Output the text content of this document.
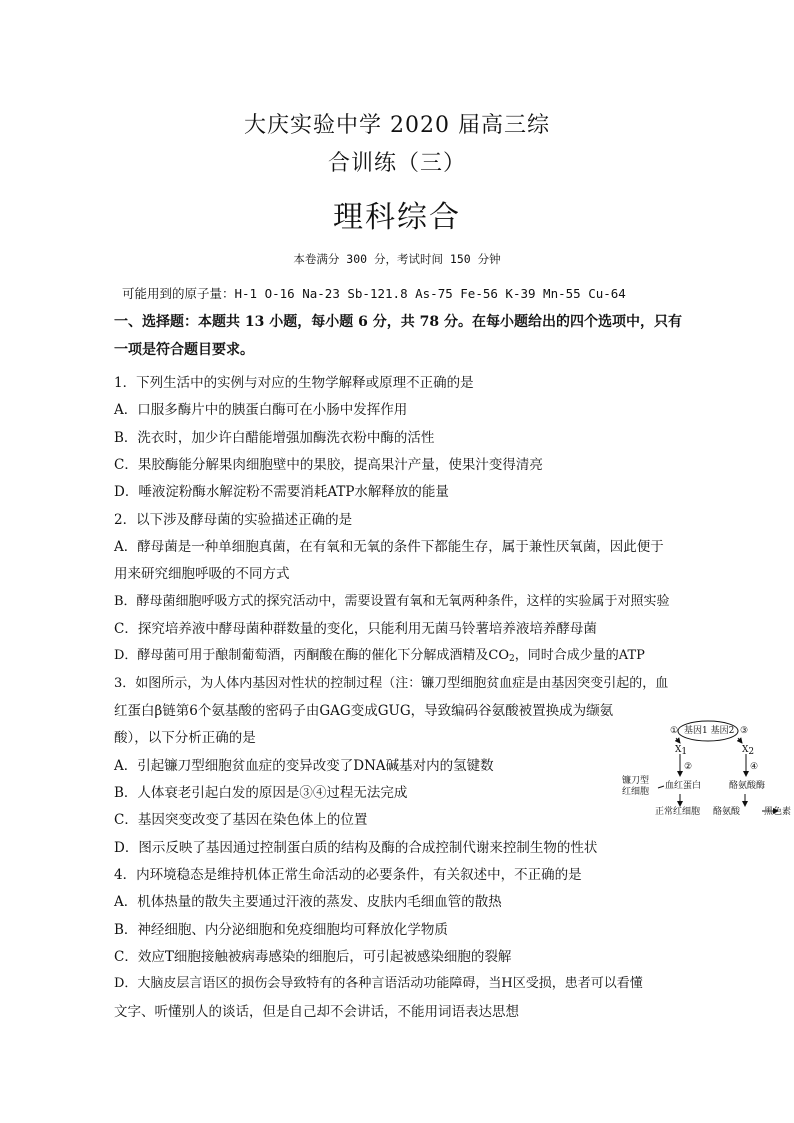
大庆实验中学 2020 届高三综
合训练（三）
理科综合
本卷满分 300 分，考试时间 150 分钟
可能用到的原子量：H-1 O-16 Na-23 Sb-121.8 As-75 Fe-56 K-39 Mn-55 Cu-64
一、选择题：本题共 13 小题，每小题 6 分，共 78 分。在每小题给出的四个选项中，只有
一项是符合题目要求。
1．下列生活中的实例与对应的生物学解释或原理不正确的是
A．口服多酶片中的胰蛋白酶可在小肠中发挥作用
B．洗衣时，加少许白醋能增强加酶洗衣粉中酶的活性
C．果胶酶能分解果肉细胞壁中的果胶，提高果汁产量，使果汁变得清亮
D．唾液淀粉酶水解淀粉不需要消耗ATP水解释放的能量
2．以下涉及酵母菌的实验描述正确的是
A．酵母菌是一种单细胞真菌，在有氧和无氧的条件下都能生存，属于兼性厌氧菌，因此便于
用来研究细胞呼吸的不同方式
B．酵母菌细胞呼吸方式的探究活动中，需要设置有氧和无氧两种条件，这样的实验属于对照实验
C．探究培养液中酵母菌种群数量的变化，只能利用无菌马铃薯培养液培养酵母菌
D．酵母菌可用于酿制葡萄酒，丙酮酸在酶的催化下分解成酒精及$CO_2$，同时合成少量的ATP
3．如图所示，为人体内基因对性状的控制过程（注：镰刀型细胞贫血症是由基因突变引起的，血
红蛋白β链第6个氨基酸的密码子由GAG变成GUG，导致编码谷氨酸被置换成为缬氨
酸），以下分析正确的是
A．引起镰刀型细胞贫血症的变异改变了DNA碱基对内的氢键数
B．人体衰老引起白发的原因是③④过程无法完成
C．基因突变改变了基因在染色体上的位置
D．图示反映了基因通过控制蛋白质的结构及酶的合成控制代谢来控制生物的性状
4．内环境稳态是维持机体正常生命活动的必要条件，有关叙述中，不正确的是
A．机体热量的散失主要通过汗液的蒸发、皮肤内毛细血管的散热
B．神经细胞、内分泌细胞和免疫细胞均可释放化学物质
C．效应T细胞接触被病毒感染的细胞后，可引起被感染细胞的裂解
D．大脑皮层言语区的损伤会导致特有的各种言语活动功能障碍，当H区受损，患者可以看懂
文字、听懂别人的谈话，但是自己却不会讲话，不能用词语表达思想
① 基因1 基因2 ③
X1	X2
②	④
镰刀型
红细胞
血红蛋白	酪氨酸酶
正常红细胞 酪氨酸	黑色素
